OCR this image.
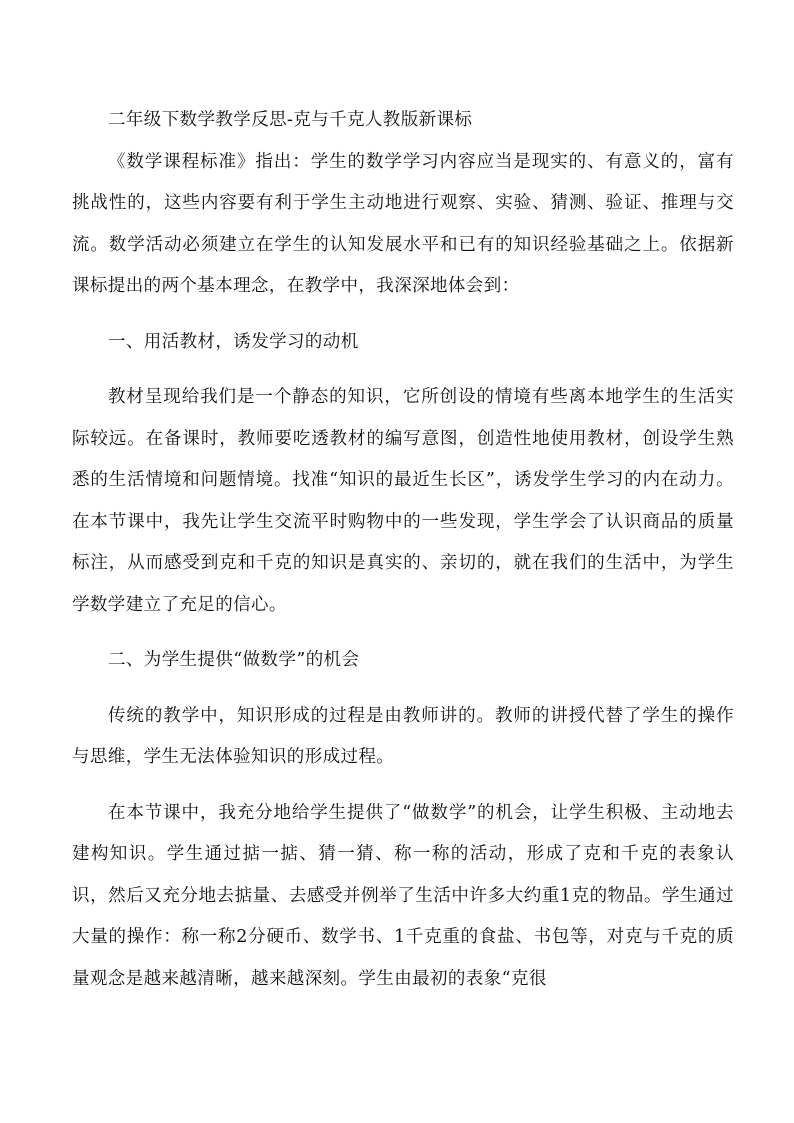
二年级下数学教学反思-克与千克人教版新课标

《数学课程标准》指出：学生的数学学习内容应当是现实的、有意义的，富有挑战性的，这些内容要有利于学生主动地进行观察、实验、猜测、验证、推理与交流。数学活动必须建立在学生的认知发展水平和已有的知识经验基础之上。依据新课标提出的两个基本理念，在教学中，我深深地体会到：

一、用活教材，诱发学习的动机

教材呈现给我们是一个静态的知识，它所创设的情境有些离本地学生的生活实际较远。在备课时，教师要吃透教材的编写意图，创造性地使用教材，创设学生熟悉的生活情境和问题情境。找准“知识的最近生长区”，诱发学生学习的内在动力。在本节课中，我先让学生交流平时购物中的一些发现，学生学会了认识商品的质量标注，从而感受到克和千克的知识是真实的、亲切的，就在我们的生活中，为学生学数学建立了充足的信心。

二、为学生提供“做数学”的机会

传统的教学中，知识形成的过程是由教师讲的。教师的讲授代替了学生的操作与思维，学生无法体验知识的形成过程。

在本节课中，我充分地给学生提供了“做数学”的机会，让学生积极、主动地去建构知识。学生通过掂一掂、猜一猜、称一称的活动，形成了克和千克的表象认识，然后又充分地去掂量、去感受并例举了生活中许多大约重1克的物品。学生通过大量的操作：称一称2分硬币、数学书、1千克重的食盐、书包等，对克与千克的质量观念是越来越清晰，越来越深刻。学生由最初的表象“克很
